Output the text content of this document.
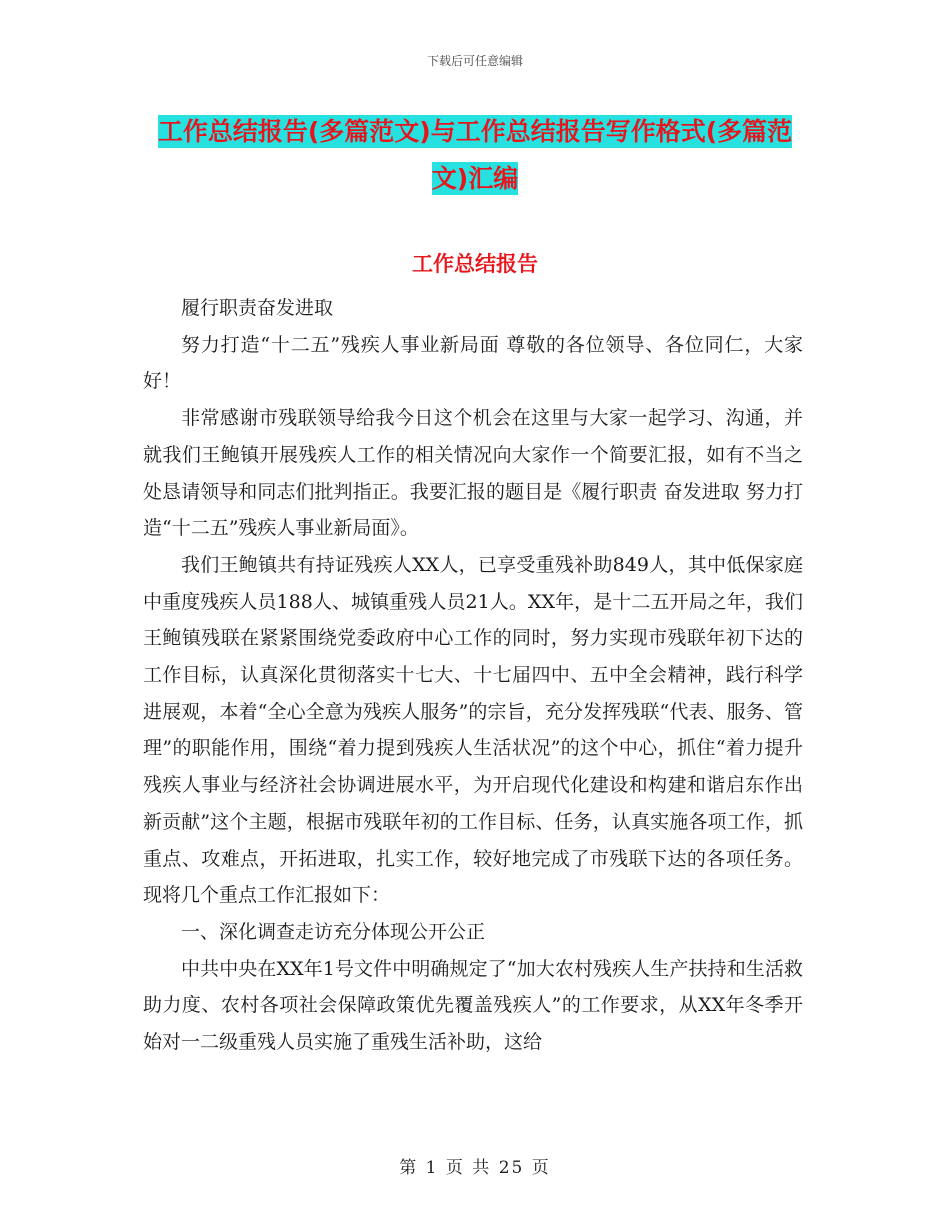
下载后可任意编辑
工作总结报告(多篇范文)与工作总结报告写作格式(多篇范文)汇编
工作总结报告

履行职责奋发进取

努力打造“十二五”残疾人事业新局面 尊敬的各位领导、各位同仁，大家好！

非常感谢市残联领导给我今日这个机会在这里与大家一起学习、沟通，并就我们王鲍镇开展残疾人工作的相关情况向大家作一个简要汇报，如有不当之处恳请领导和同志们批判指正。我要汇报的题目是《履行职责 奋发进取 努力打造“十二五”残疾人事业新局面》。

我们王鲍镇共有持证残疾人XX人，已享受重残补助849人，其中低保家庭中重度残疾人员188人、城镇重残人员21人。XX年，是十二五开局之年，我们王鲍镇残联在紧紧围绕党委政府中心工作的同时，努力实现市残联年初下达的工作目标，认真深化贯彻落实十七大、十七届四中、五中全会精神，践行科学进展观，本着“全心全意为残疾人服务”的宗旨，充分发挥残联“代表、服务、管理”的职能作用，围绕“着力提到残疾人生活状况”的这个中心，抓住“着力提升残疾人事业与经济社会协调进展水平，为开启现代化建设和构建和谐启东作出新贡献”这个主题，根据市残联年初的工作目标、任务，认真实施各项工作，抓重点、攻难点，开拓进取，扎实工作，较好地完成了市残联下达的各项任务。现将几个重点工作汇报如下：

一、深化调查走访充分体现公开公正

中共中央在XX年1号文件中明确规定了“加大农村残疾人生产扶持和生活救助力度、农村各项社会保障政策优先覆盖残疾人”的工作要求，从XX年冬季开始对一二级重残人员实施了重残生活补助，这给

第 1 页 共 25 页
